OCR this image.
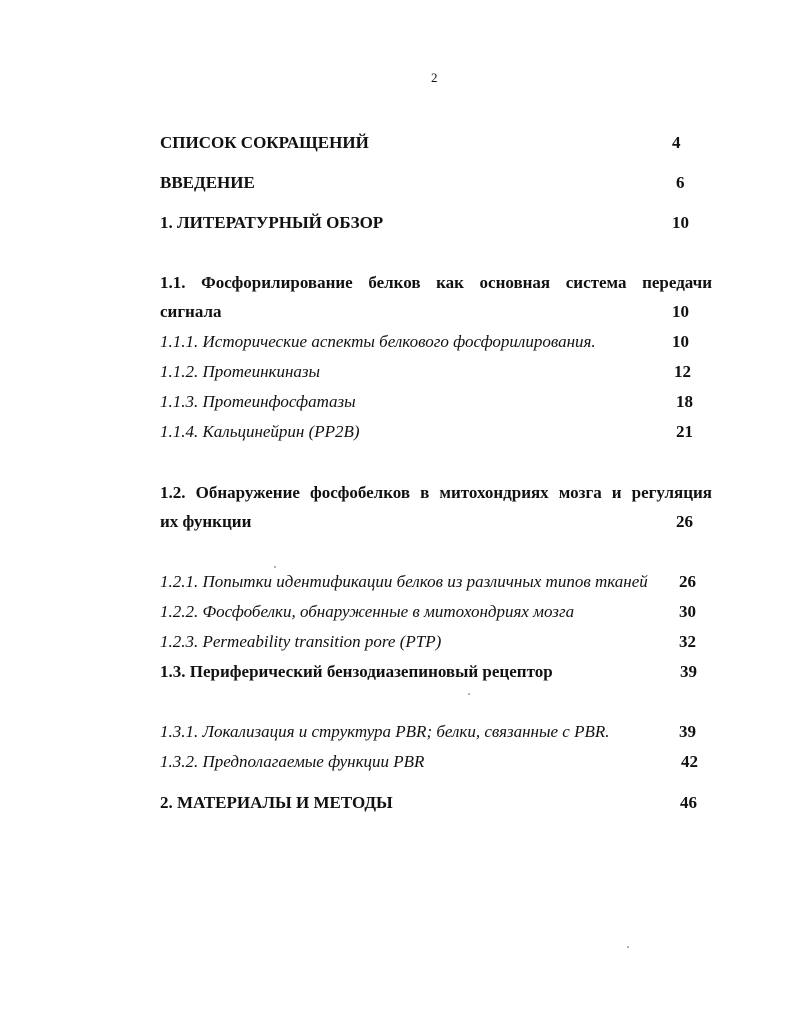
2
СПИСОК СОКРАЩЕНИЙ	4
ВВЕДЕНИЕ	6
1. ЛИТЕРАТУРНЫЙ ОБЗОР	10
1.1. Фосфорилирование белков как основная система передачи
сигнала	10
1.1.1. Исторические аспекты белкового фосфорилирования.	10
1.1.2. Протеинкиназы	12
1.1.3. Протеинфосфатазы	18
1.1.4. Кальцинейрин (PP2B)	21
1.2. Обнаружение фосфобелков в митохондриях мозга и регуляция
их функции	26
1.2.1. Попытки идентификации белков из различных типов тканей 26
1.2.2. Фосфобелки, обнаруженные в митохондриях мозга	30
1.2.3. Permeability transition pore (PTP)	32
1.3. Периферический бензодиазепиновый рецептор	39
1.3.1. Локализация и структура PBR; белки, связанные с PBR.	39
1.3.2. Предполагаемые функции PBR	42
2. МАТЕРИАЛЫ И МЕТОДЫ	46
